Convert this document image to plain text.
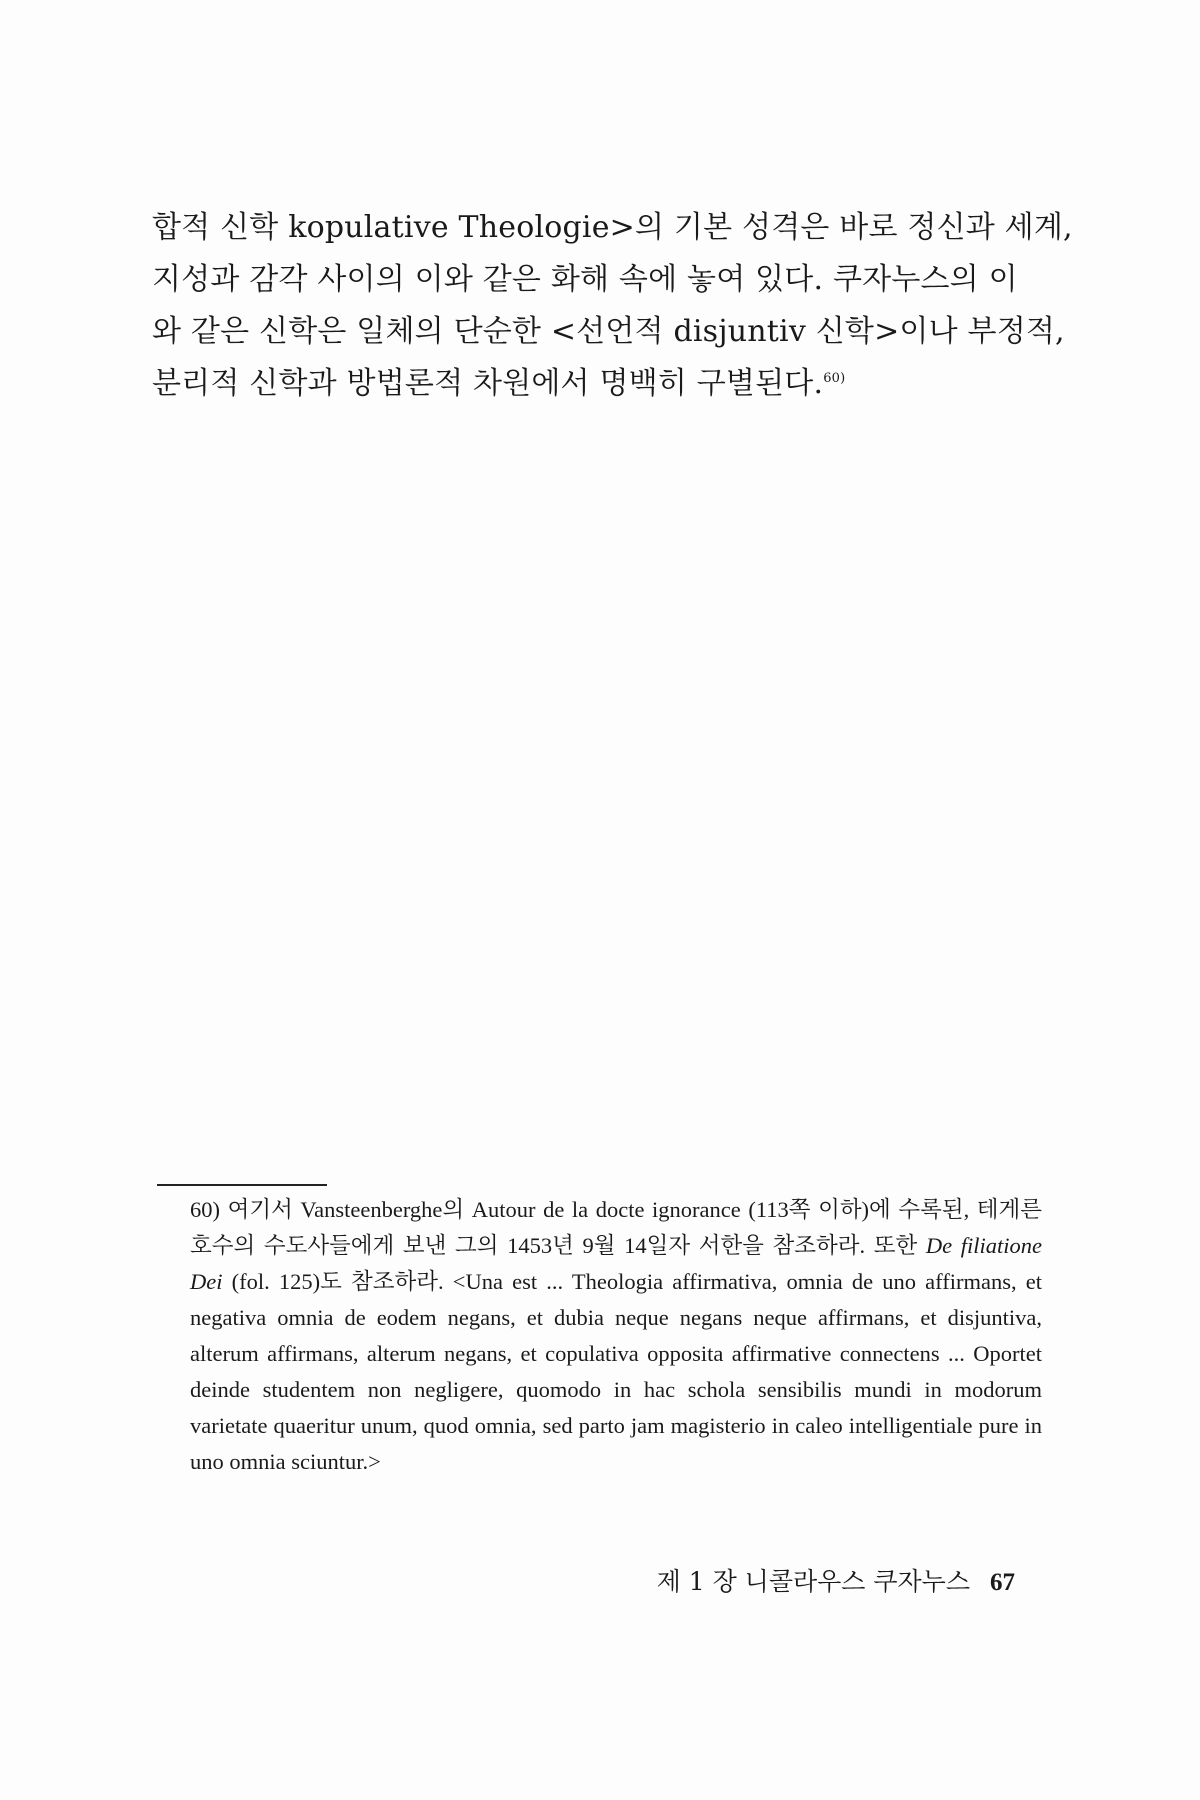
합적 신학 kopulative Theologie>의 기본 성격은 바로 정신과 세계,
지성과 감각 사이의 이와 같은 화해 속에 놓여 있다. 쿠자누스의 이
와 같은 신학은 일체의 단순한 <선언적 disjuntiv 신학>이나 부정적,
분리적 신학과 방법론적 차원에서 명백히 구별된다.$^{60)}$
60) 여기서 Vansteenberghe의 Autour de la docte ignorance (113쪽 이하)에 수록된, 테게른 호수의 수도사들에게 보낸 그의 1453년 9월 14일자 서한을 참조하라. 또한 De filiatione Dei (fol. 125)도 참조하라. <Una est ... Theologia affirmativa, omnia de uno affirmans, et negativa omnia de eodem negans, et dubia neque negans neque affirmans, et disjuntiva, alterum affirmans, alterum negans, et copulativa opposita affirmative connectens ... Oportet deinde studentem non negligere, quomodo in hac schola sensibilis mundi in modorum varietate quaeritur unum, quod omnia, sed parto jam magisterio in caleo intelligentiale pure in uno omnia sciuntur.>
제 1 장 니콜라우스 쿠자누스 67
